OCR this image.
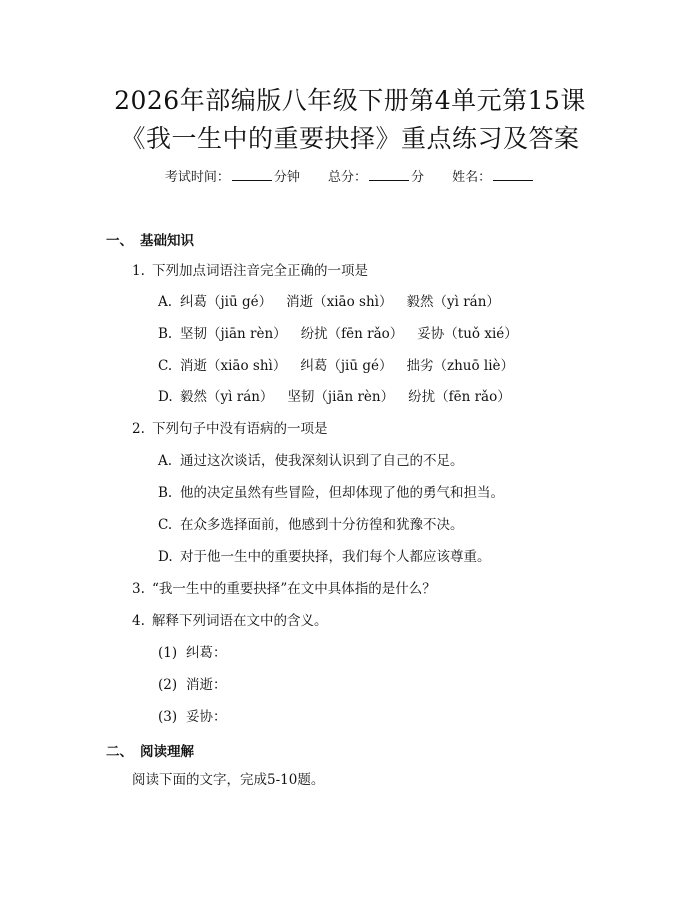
2026年部编版八年级下册第4单元第15课
《我一生中的重要抉择》重点练习及答案
考试时间：	分钟 总分：	分 姓名：
一、 基础知识
1. 下列加点词语注音完全正确的一项是
A. 纠葛（jiū gé） 消逝（xiāo shì） 毅然（yì rán）
B. 坚韧（jiān rèn） 纷扰（fēn rǎo） 妥协（tuǒ xié）
C. 消逝（xiāo shì） 纠葛（jiū gé） 拙劣（zhuō liè）
D. 毅然（yì rán） 坚韧（jiān rèn） 纷扰（fēn rǎo）
2. 下列句子中没有语病的一项是
A. 通过这次谈话，使我深刻认识到了自己的不足。
B. 他的决定虽然有些冒险，但却体现了他的勇气和担当。
C. 在众多选择面前，他感到十分彷徨和犹豫不决。
D. 对于他一生中的重要抉择，我们每个人都应该尊重。
3. “我一生中的重要抉择”在文中具体指的是什么？
4. 解释下列词语在文中的含义。
(1) 纠葛：
(2) 消逝：
(3) 妥协：
二、 阅读理解
阅读下面的文字，完成5-10题。
